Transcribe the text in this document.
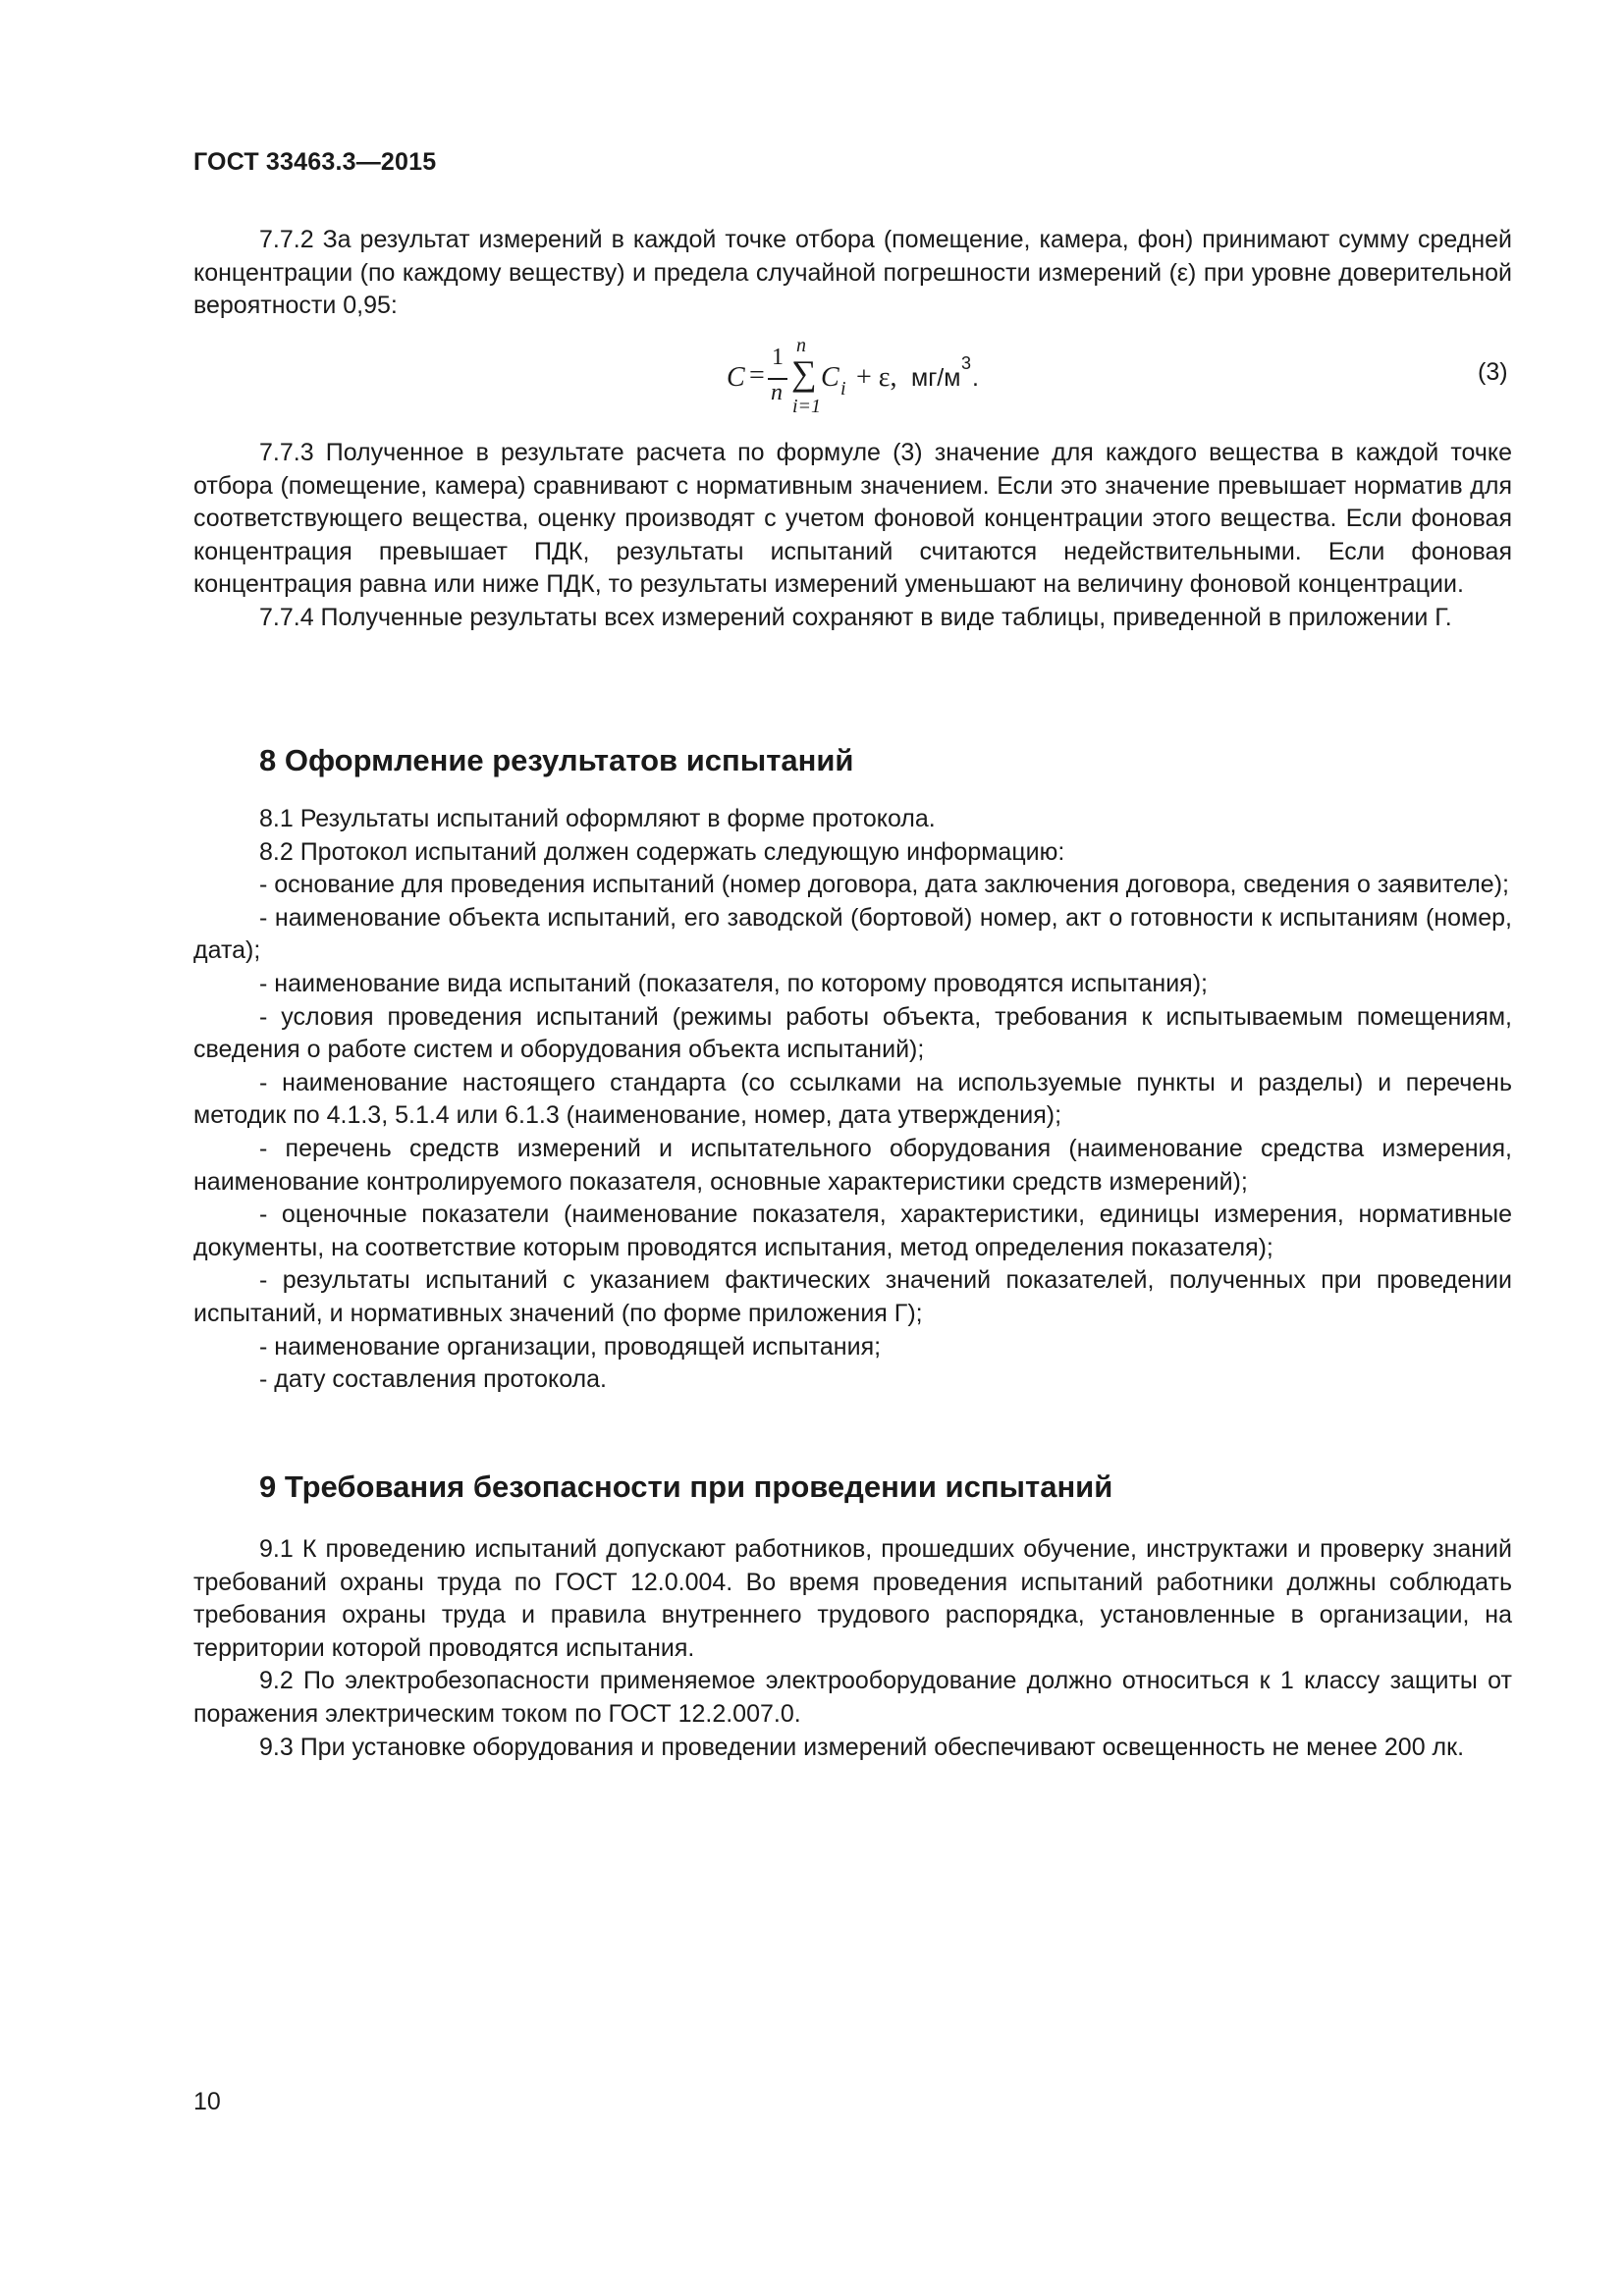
ГОСТ 33463.3—2015

7.7.2 За результат измерений в каждой точке отбора (помещение, камера, фон) принимают сумму средней концентрации (по каждому веществу) и предела случайной погрешности измерений (ε) при уровне доверительной вероятности 0,95:

C =
1
n
n
∑
i=1
C i + ε, мг/м
3
.	(3)

7.7.3 Полученное в результате расчета по формуле (3) значение для каждого вещества в каждой точке отбора (помещение, камера) сравнивают с нормативным значением. Если это значение превышает норматив для соответствующего вещества, оценку производят с учетом фоновой концентрации этого вещества. Если фоновая концентрация превышает ПДК, результаты испытаний считаются недействительными. Если фоновая концентрация равна или ниже ПДК, то результаты измерений уменьшают на величину фоновой концентрации.

7.7.4 Полученные результаты всех измерений сохраняют в виде таблицы, приведенной в приложении Г.

8 Оформление результатов испытаний

8.1 Результаты испытаний оформляют в форме протокола.

8.2 Протокол испытаний должен содержать следующую информацию:

- основание для проведения испытаний (номер договора, дата заключения договора, сведения о заявителе);

- наименование объекта испытаний, его заводской (бортовой) номер, акт о готовности к испытаниям (номер, дата);

- наименование вида испытаний (показателя, по которому проводятся испытания);

- условия проведения испытаний (режимы работы объекта, требования к испытываемым помещениям, сведения о работе систем и оборудования объекта испытаний);

- наименование настоящего стандарта (со ссылками на используемые пункты и разделы) и перечень методик по 4.1.3, 5.1.4 или 6.1.3 (наименование, номер, дата утверждения);

- перечень средств измерений и испытательного оборудования (наименование средства измерения, наименование контролируемого показателя, основные характеристики средств измерений);

- оценочные показатели (наименование показателя, характеристики, единицы измерения, нормативные документы, на соответствие которым проводятся испытания, метод определения показателя);

- результаты испытаний с указанием фактических значений показателей, полученных при проведении испытаний, и нормативных значений (по форме приложения Г);

- наименование организации, проводящей испытания;

- дату составления протокола.

9 Требования безопасности при проведении испытаний

9.1 К проведению испытаний допускают работников, прошедших обучение, инструктажи и проверку знаний требований охраны труда по ГОСТ 12.0.004. Во время проведения испытаний работники должны соблюдать требования охраны труда и правила внутреннего трудового распорядка, установленные в организации, на территории которой проводятся испытания.

9.2 По электробезопасности применяемое электрооборудование должно относиться к 1 классу защиты от поражения электрическим током по ГОСТ 12.2.007.0.

9.3 При установке оборудования и проведении измерений обеспечивают освещенность не менее 200 лк.

10
